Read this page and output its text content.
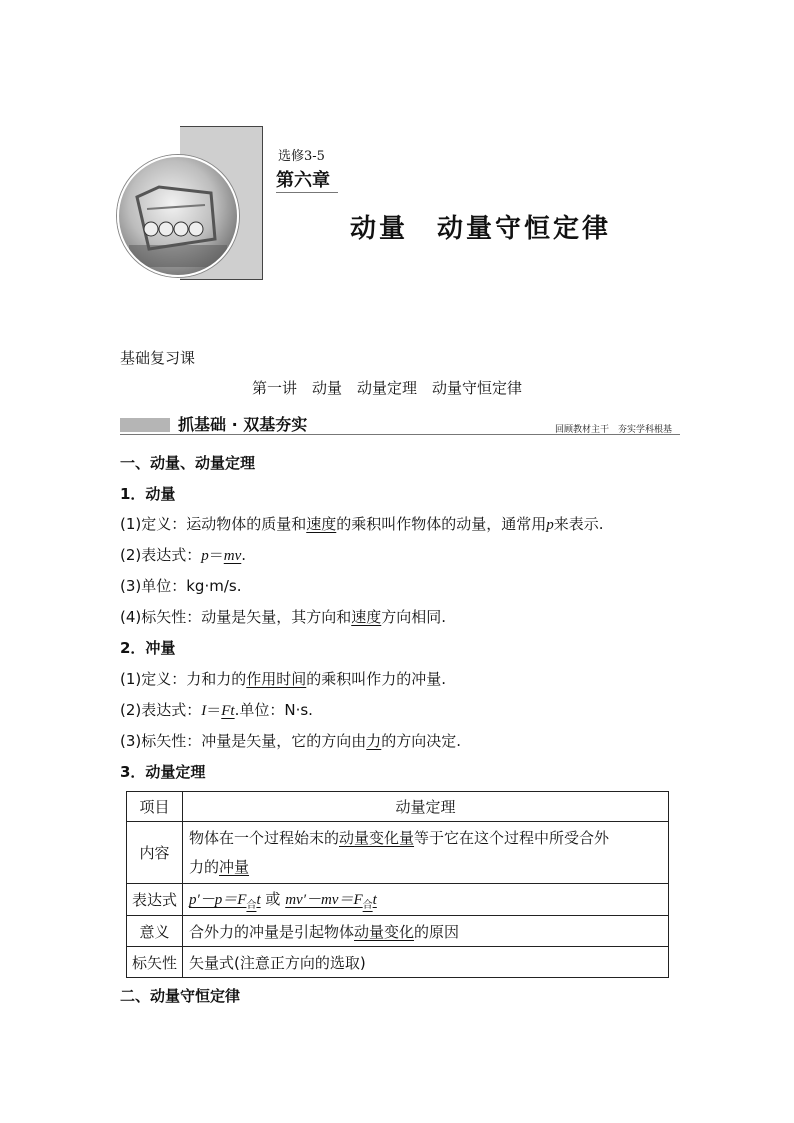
选修3-5
第六章
动量　动量守恒定律
基础复习课
第一讲　动量　动量定理　动量守恒定律
抓基础 · 双基夯实	回顾教材主干　夯实学科根基
一、动量、动量定理
1．动量
(1)定义：运动物体的质量和速度的乘积叫作物体的动量，通常用p来表示.
(2)表达式：p＝mv.
(3)单位：kg·m/s.
(4)标矢性：动量是矢量，其方向和速度方向相同.
2．冲量
(1)定义：力和力的作用时间的乘积叫作力的冲量.
(2)表达式：I＝Ft.单位：N·s.
(3)标矢性：冲量是矢量，它的方向由力的方向决定.
3．动量定理
项目	动量定理
内容	物体在一个过程始末的动量变化量等于它在这个过程中所受合外
力的冲量

表达式	$p'-p=F_合t$ 或 $mv'-mv=F_合t$
意义	合外力的冲量是引起物体动量变化的原因
标矢性	矢量式(注意正方向的选取)
二、动量守恒定律
